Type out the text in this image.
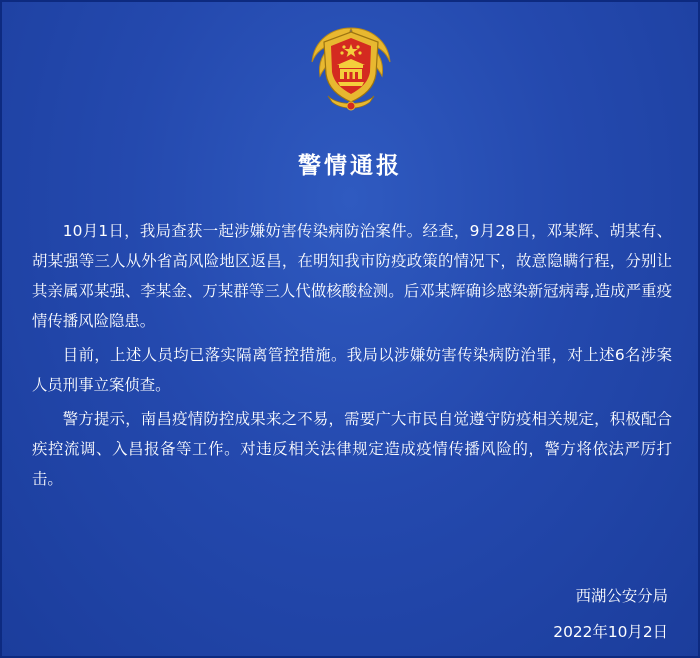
警情通报

10月1日，我局查获一起涉嫌妨害传染病防治案件。经查，9月28日，邓某辉、胡某有、胡某强等三人从外省高风险地区返昌，在明知我市防疫政策的情况下，故意隐瞒行程，分别让其亲属邓某强、李某金、万某群等三人代做核酸检测。后邓某辉确诊感染新冠病毒,造成严重疫情传播风险隐患。

目前，上述人员均已落实隔离管控措施。我局以涉嫌妨害传染病防治罪，对上述6名涉案人员刑事立案侦查。

警方提示，南昌疫情防控成果来之不易，需要广大市民自觉遵守防疫相关规定，积极配合疾控流调、入昌报备等工作。对违反相关法律规定造成疫情传播风险的，警方将依法严厉打击。

西湖公安分局
2022年10月2日
